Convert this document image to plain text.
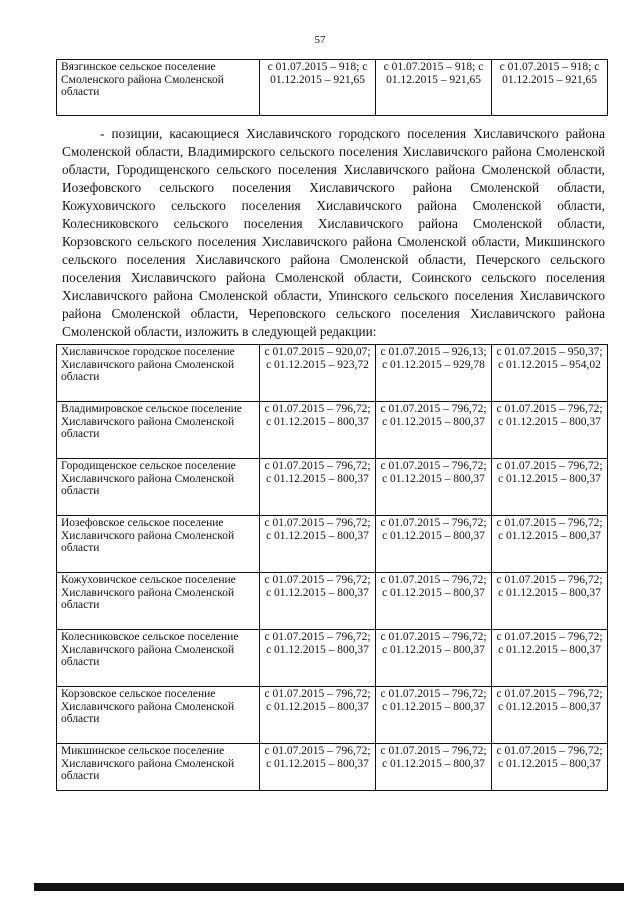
57
Вязгинское сельское поселение Смоленского района Смоленской области	с 01.07.2015 – 918; с 01.12.2015 – 921,65	с 01.07.2015 – 918; с 01.12.2015 – 921,65	с 01.07.2015 – 918; с 01.12.2015 – 921,65
- позиции, касающиеся Хиславичского городского поселения Хиславичского района Смоленской области, Владимирского сельского поселения Хиславичского района Смоленской области, Городищенского сельского поселения Хиславичского района Смоленской области, Иозефовского сельского поселения Хиславичского района Смоленской области, Кожуховичского сельского поселения Хиславичского района Смоленской области, Колесниковского сельского поселения Хиславичского района Смоленской области, Корзовского сельского поселения Хиславичского района Смоленской области, Микшинского сельского поселения Хиславичского района Смоленской области, Печерского сельского поселения Хиславичского района Смоленской области, Соинского сельского поселения Хиславичского района Смоленской области, Упинского сельского поселения Хиславичского района Смоленской области, Череповского сельского поселения Хиславичского района Смоленской области, изложить в следующей редакции:
Хиславичское городское поселение Хиславичского района Смоленской области	с 01.07.2015 – 920,07; с 01.12.2015 – 923,72	с 01.07.2015 – 926,13; с 01.12.2015 – 929,78	с 01.07.2015 – 950,37; с 01.12.2015 – 954,02
Владимировское сельское поселение Хиславичского района Смоленской области	с 01.07.2015 – 796,72; с 01.12.2015 – 800,37	с 01.07.2015 – 796,72; с 01.12.2015 – 800,37	с 01.07.2015 – 796,72; с 01.12.2015 – 800,37
Городищенское сельское поселение Хиславичского района Смоленской области	с 01.07.2015 – 796,72; с 01.12.2015 – 800,37	с 01.07.2015 – 796,72; с 01.12.2015 – 800,37	с 01.07.2015 – 796,72; с 01.12.2015 – 800,37
Иозефовское сельское поселение Хиславичского района Смоленской области	с 01.07.2015 – 796,72; с 01.12.2015 – 800,37	с 01.07.2015 – 796,72; с 01.12.2015 – 800,37	с 01.07.2015 – 796,72; с 01.12.2015 – 800,37
Кожуховичское сельское поселение Хиславичского района Смоленской области	с 01.07.2015 – 796,72; с 01.12.2015 – 800,37	с 01.07.2015 – 796,72; с 01.12.2015 – 800,37	с 01.07.2015 – 796,72; с 01.12.2015 – 800,37
Колесниковское сельское поселение Хиславичского района Смоленской области	с 01.07.2015 – 796,72; с 01.12.2015 – 800,37	с 01.07.2015 – 796,72; с 01.12.2015 – 800,37	с 01.07.2015 – 796,72; с 01.12.2015 – 800,37
Корзовское сельское поселение Хиславичского района Смоленской области	с 01.07.2015 – 796,72; с 01.12.2015 – 800,37	с 01.07.2015 – 796,72; с 01.12.2015 – 800,37	с 01.07.2015 – 796,72; с 01.12.2015 – 800,37
Микшинское сельское поселение Хиславичского района Смоленской области	с 01.07.2015 – 796,72; с 01.12.2015 – 800,37	с 01.07.2015 – 796,72; с 01.12.2015 – 800,37	с 01.07.2015 – 796,72; с 01.12.2015 – 800,37
